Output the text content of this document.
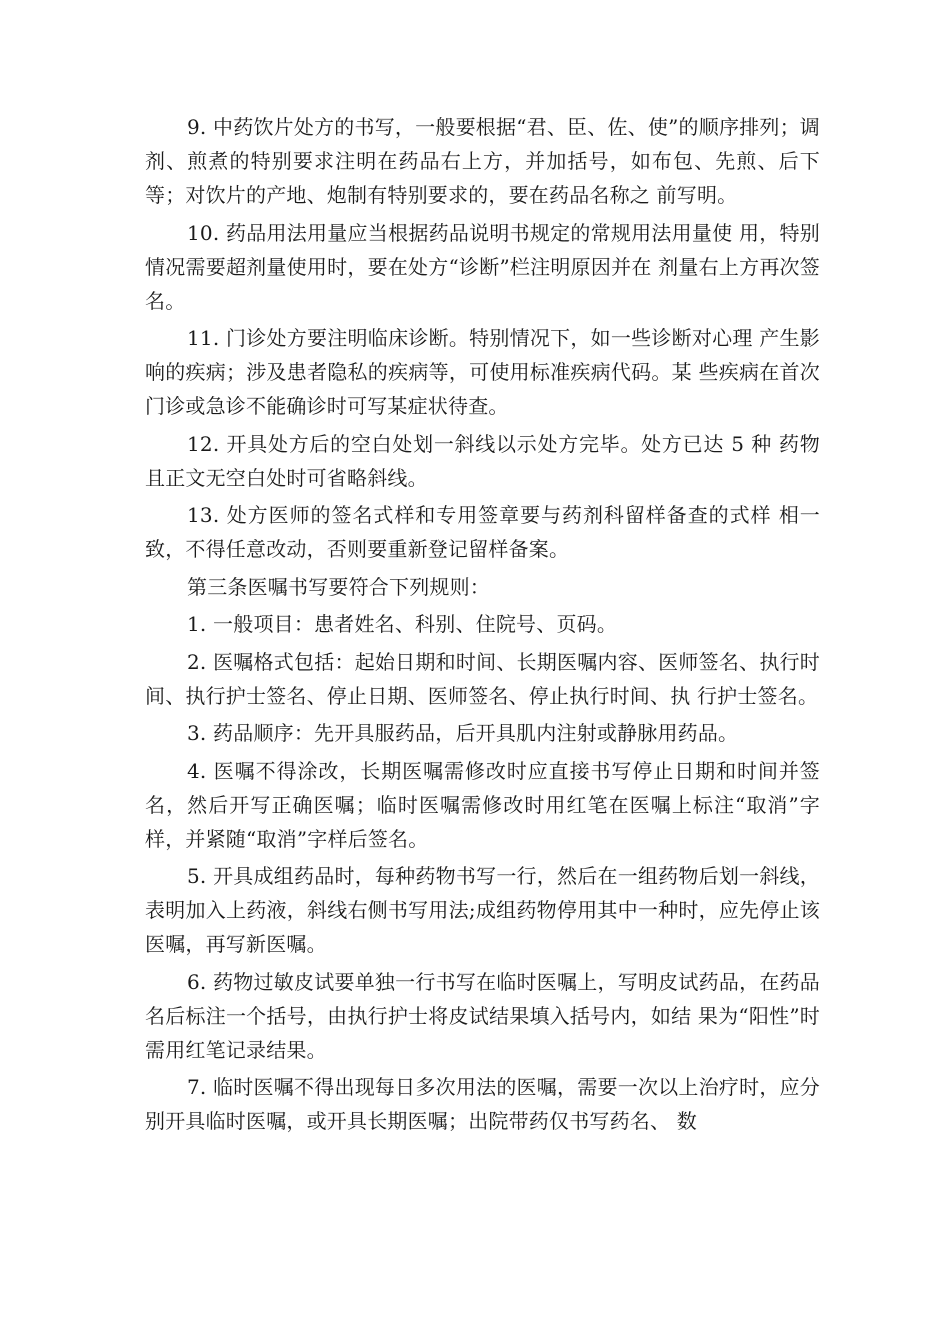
9. 中药饮片处方的书写，一般要根据“君、臣、佐、使”的顺序排列；调剂、煎煮的特别要求注明在药品右上方，并加括号，如布包、先煎、后下等；对饮片的产地、炮制有特别要求的，要在药品名称之 前写明。

10. 药品用法用量应当根据药品说明书规定的常规用法用量使 用，特别情况需要超剂量使用时，要在处方“诊断”栏注明原因并在 剂量右上方再次签名。

11. 门诊处方要注明临床诊断。特别情况下，如一些诊断对心理 产生影响的疾病；涉及患者隐私的疾病等，可使用标准疾病代码。某 些疾病在首次门诊或急诊不能确诊时可写某症状待查。

12. 开具处方后的空白处划一斜线以示处方完毕。处方已达 5 种 药物且正文无空白处时可省略斜线。

13. 处方医师的签名式样和专用签章要与药剂科留样备查的式样 相一致，不得任意改动，否则要重新登记留样备案。

第三条医嘱书写要符合下列规则：

1. 一般项目：患者姓名、科别、住院号、页码。

2. 医嘱格式包括：起始日期和时间、长期医嘱内容、医师签名、执行时间、执行护士签名、停止日期、医师签名、停止执行时间、执 行护士签名。

3. 药品顺序：先开具服药品，后开具肌内注射或静脉用药品。

4. 医嘱不得涂改，长期医嘱需修改时应直接书写停止日期和时间并签名，然后开写正确医嘱；临时医嘱需修改时用红笔在医嘱上标注“取消”字样，并紧随“取消”字样后签名。

5. 开具成组药品时，每种药物书写一行，然后在一组药物后划一斜线，表明加入上药液，斜线右侧书写用法;成组药物停用其中一种时，应先停止该医嘱，再写新医嘱。

6. 药物过敏皮试要单独一行书写在临时医嘱上，写明皮试药品，在药品名后标注一个括号，由执行护士将皮试结果填入括号内，如结 果为“阳性”时需用红笔记录结果。

7. 临时医嘱不得出现每日多次用法的医嘱，需要一次以上治疗时，应分别开具临时医嘱，或开具长期医嘱；出院带药仅书写药名、 数
